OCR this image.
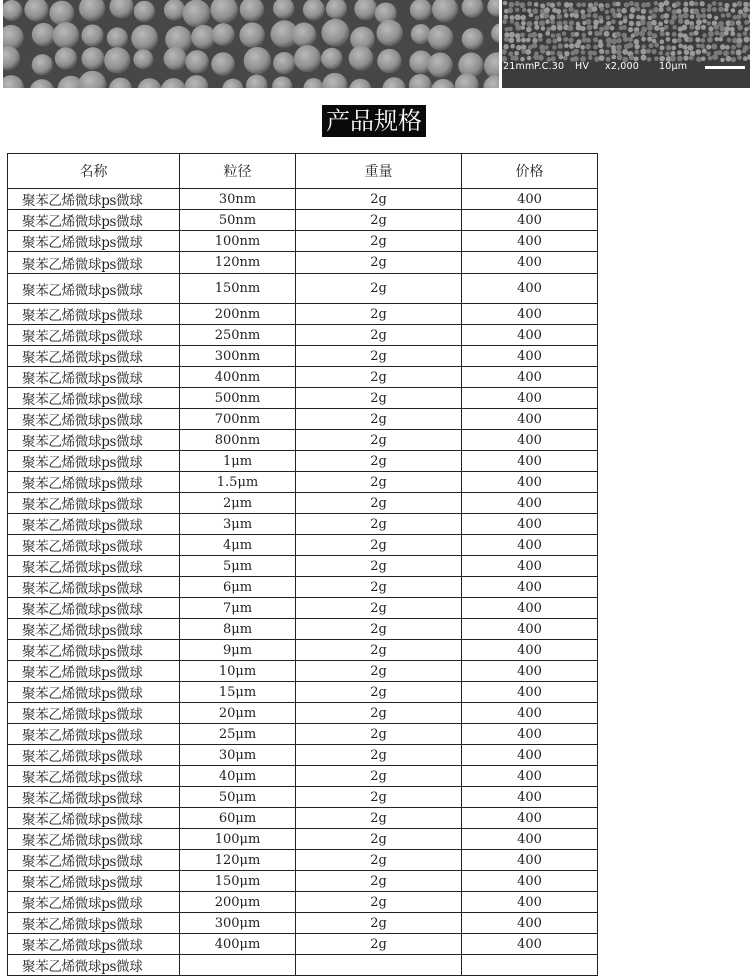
21mm P.C.30 HV x2,000 10μm
产品规格
名称	粒径	重量	价格
聚苯乙烯微球ps微球	30nm	2g	400
聚苯乙烯微球ps微球	50nm	2g	400
聚苯乙烯微球ps微球	100nm	2g	400
聚苯乙烯微球ps微球	120nm	2g	400
聚苯乙烯微球ps微球	150nm	2g	400
聚苯乙烯微球ps微球	200nm	2g	400
聚苯乙烯微球ps微球	250nm	2g	400
聚苯乙烯微球ps微球	300nm	2g	400
聚苯乙烯微球ps微球	400nm	2g	400
聚苯乙烯微球ps微球	500nm	2g	400
聚苯乙烯微球ps微球	700nm	2g	400
聚苯乙烯微球ps微球	800nm	2g	400
聚苯乙烯微球ps微球	1μm	2g	400
聚苯乙烯微球ps微球	1.5μm	2g	400
聚苯乙烯微球ps微球	2μm	2g	400
聚苯乙烯微球ps微球	3μm	2g	400
聚苯乙烯微球ps微球	4μm	2g	400
聚苯乙烯微球ps微球	5μm	2g	400
聚苯乙烯微球ps微球	6μm	2g	400
聚苯乙烯微球ps微球	7μm	2g	400
聚苯乙烯微球ps微球	8μm	2g	400
聚苯乙烯微球ps微球	9μm	2g	400
聚苯乙烯微球ps微球	10μm	2g	400
聚苯乙烯微球ps微球	15μm	2g	400
聚苯乙烯微球ps微球	20μm	2g	400
聚苯乙烯微球ps微球	25μm	2g	400
聚苯乙烯微球ps微球	30μm	2g	400
聚苯乙烯微球ps微球	40μm	2g	400
聚苯乙烯微球ps微球	50μm	2g	400
聚苯乙烯微球ps微球	60μm	2g	400
聚苯乙烯微球ps微球	100μm	2g	400
聚苯乙烯微球ps微球	120μm	2g	400
聚苯乙烯微球ps微球	150μm	2g	400
聚苯乙烯微球ps微球	200μm	2g	400
聚苯乙烯微球ps微球	300μm	2g	400
聚苯乙烯微球ps微球	400μm	2g	400
聚苯乙烯微球ps微球			
